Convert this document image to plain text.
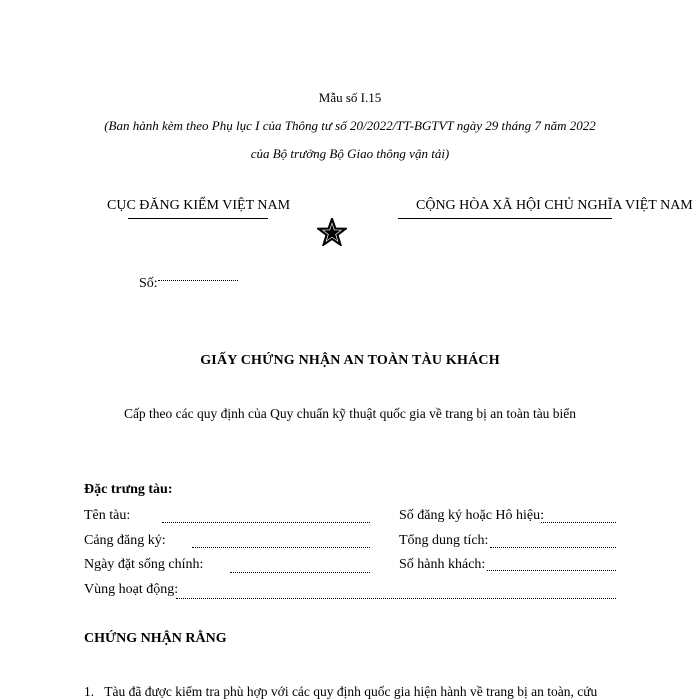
Mẫu số I.15
(Ban hành kèm theo Phụ lục I của Thông tư số 20/2022/TT-BGTVT ngày 29 tháng 7 năm 2022
của Bộ trưởng Bộ Giao thông vận tải)
CỤC ĐĂNG KIỂM VIỆT NAM	CỘNG HÒA XÃ HỘI CHỦ NGHĨA VIỆT NAM
Số:
GIẤY CHỨNG NHẬN AN TOÀN TÀU KHÁCH
Cấp theo các quy định của Quy chuẩn kỹ thuật quốc gia về trang bị an toàn tàu biển
Đặc trưng tàu:
Tên tàu:	Số đăng ký hoặc Hô hiệu:
Cảng đăng ký:	Tổng dung tích:
Ngày đặt sống chính:	Số hành khách:
Vùng hoạt động:
CHỨNG NHẬN RẰNG
1. Tàu đã được kiểm tra phù hợp với các quy định quốc gia hiện hành về trang bị an toàn, cứu
